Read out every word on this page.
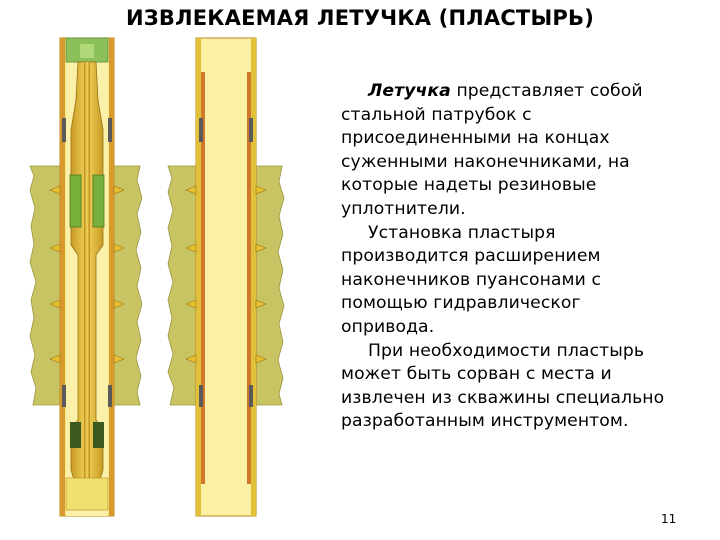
ИЗВЛЕКАЕМАЯ ЛЕТУЧКА (ПЛАСТЫРЬ)

Летучка представляет собой стальной патрубок с присоединенными на концах суженными наконечниками, на которые надеты резиновые уплотнители.

Установка пластыря производится расширением наконечников пуансонами с помощью гидравлическог опривода.

При необходимости пластырь может быть сорван с места и извлечен из скважины специально разработанным инструментом.

11
